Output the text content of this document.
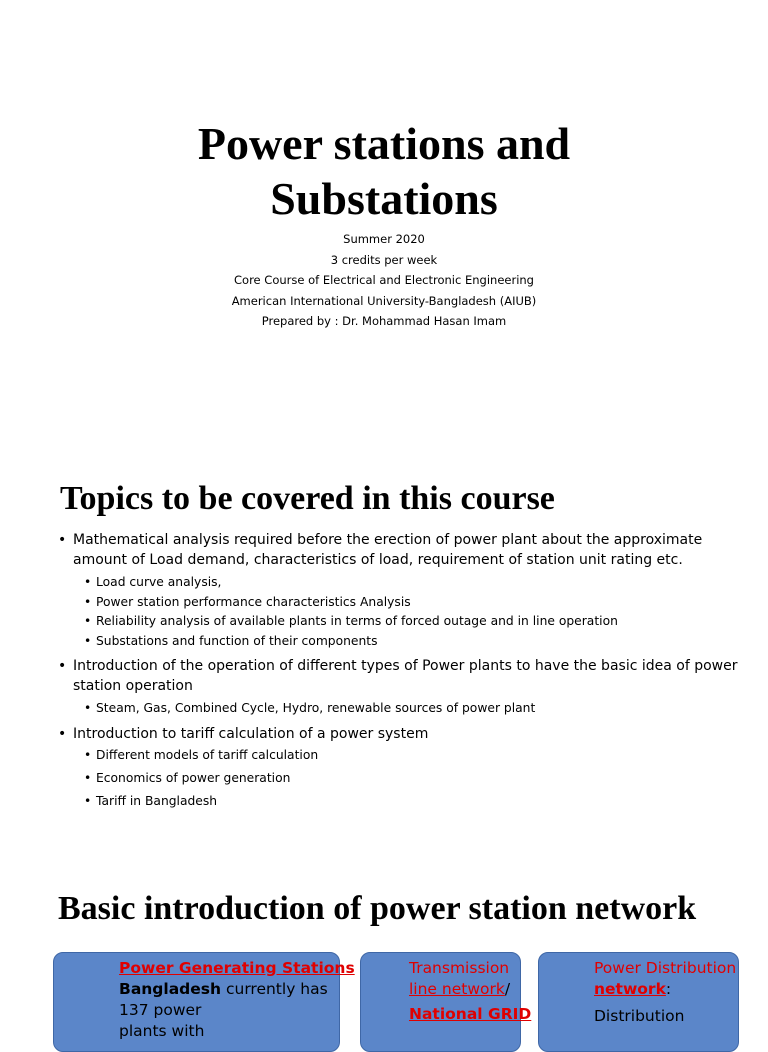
Power stations and
Substations
Summer 2020
3 credits per week
Core Course of Electrical and Electronic Engineering
American International University-Bangladesh (AIUB)
Prepared by : Dr. Mohammad Hasan Imam
Topics to be covered in this course
• Mathematical analysis required before the erection of power plant about the approximate amount of Load demand, characteristics of load, requirement of station unit rating etc.
• Load curve analysis,
• Power station performance characteristics Analysis
• Reliability analysis of available plants in terms of forced outage and in line operation
• Substations and function of their components
• Introduction of the operation of different types of Power plants to have the basic idea of power station operation
• Steam, Gas, Combined Cycle, Hydro, renewable sources of power plant
• Introduction to tariff calculation of a power system
• Different models of tariff calculation
• Economics of power generation
• Tariff in Bangladesh
Basic introduction of power station network
Power Generating Stations
Bangladesh currently has
137 power
plants with
Transmission
line network/
National GRID
Power Distribution
network:
Distribution
